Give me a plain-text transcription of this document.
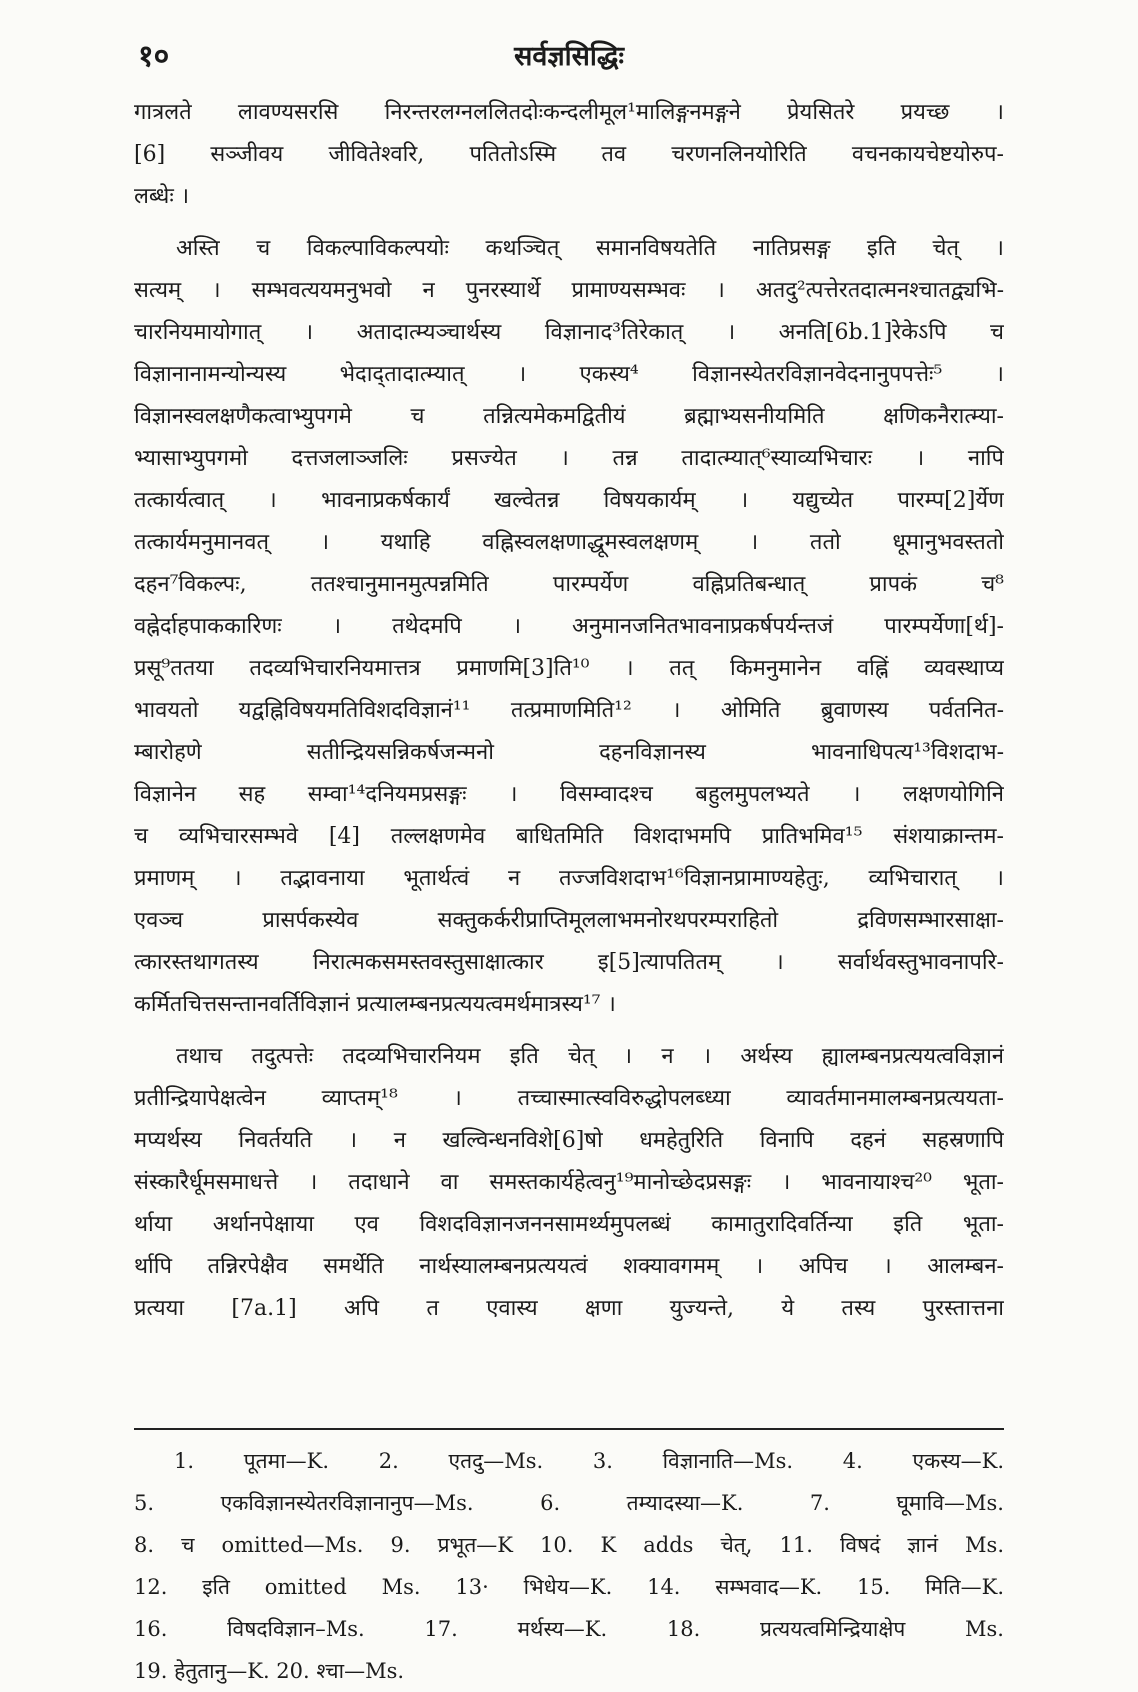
१०	सर्वज्ञसिद्धिः
गात्रलते लावण्यसरसि निरन्तरलग्नललितदोःकन्दलीमूल¹मालिङ्गनमङ्गने प्रेयसितरे प्रयच्छ ।
[6] सञ्जीवय जीवितेश्वरि, पतितोऽस्मि तव चरणनलिनयोरिति वचनकायचेष्टयोरुप-
लब्धेः ।
अस्ति च विकल्पाविकल्पयोः कथञ्चित् समानविषयतेति नातिप्रसङ्ग इति चेत् ।
सत्यम् । सम्भवत्ययमनुभवो न पुनरस्यार्थे प्रामाण्यसम्भवः । अतदु²त्पत्तेरतदात्मनश्चातद्व्यभि-
चारनियमायोगात् । अतादात्म्यञ्चार्थस्य विज्ञानाद³तिरेकात् । अनति[6b.1]रेकेऽपि च
विज्ञानानामन्योन्यस्य भेदाद्तादात्म्यात् । एकस्य⁴ विज्ञानस्येतरविज्ञानवेदनानुपपत्तेः⁵ ।
विज्ञानस्वलक्षणैकत्वाभ्युपगमे च तन्नित्यमेकमद्वितीयं ब्रह्माभ्यसनीयमिति क्षणिकनैरात्म्या-
भ्यासाभ्युपगमो दत्तजलाञ्जलिः प्रसज्येत । तन्न तादात्म्यात्⁶स्याव्यभिचारः । नापि
तत्कार्यत्वात् । भावनाप्रकर्षकार्यं खल्वेतन्न विषयकार्यम् । यद्युच्येत पारम्प[2]र्येण
तत्कार्यमनुमानवत् । यथाहि वह्निस्वलक्षणाद्धूमस्वलक्षणम् । ततो धूमानुभवस्ततो
दहन⁷विकल्पः, ततश्चानुमानमुत्पन्नमिति पारम्पर्येण वह्निप्रतिबन्धात् प्रापकं च⁸
वह्नेर्दाहपाककारिणः । तथेदमपि । अनुमानजनितभावनाप्रकर्षपर्यन्तजं पारम्पर्येणा[र्थ]-
प्रसू⁹ततया तदव्यभिचारनियमात्तत्र प्रमाणमि[3]ति¹⁰ । तत् किमनुमानेन वह्निं व्यवस्थाप्य
भावयतो यद्वह्निविषयमतिविशदविज्ञानं¹¹ तत्प्रमाणमिति¹² । ओमिति ब्रुवाणस्य पर्वतनित-
म्बारोहणे सतीन्द्रियसन्निकर्षजन्मनो दहनविज्ञानस्य भावनाधिपत्य¹³विशदाभ-
विज्ञानेन सह सम्वा¹⁴दनियमप्रसङ्गः । विसम्वादश्च बहुलमुपलभ्यते । लक्षणयोगिनि
च व्यभिचारसम्भवे [4] तल्लक्षणमेव बाधितमिति विशदाभमपि प्रातिभमिव¹⁵ संशयाक्रान्तम-
प्रमाणम् । तद्भावनाया भूतार्थत्वं न तज्जविशदाभ¹⁶विज्ञानप्रामाण्यहेतुः, व्यभिचारात् ।
एवञ्च प्रासर्पकस्येव सक्तुकर्करीप्राप्तिमूललाभमनोरथपरम्पराहितो द्रविणसम्भारसाक्षा-
त्कारस्तथागतस्य निरात्मकसमस्तवस्तुसाक्षात्कार इ[5]त्यापतितम् । सर्वार्थवस्तुभावनापरि-
कर्मितचित्तसन्तानवर्तिविज्ञानं प्रत्यालम्बनप्रत्ययत्वमर्थमात्रस्य¹⁷ ।
तथाच तदुत्पत्तेः तदव्यभिचारनियम इति चेत् । न । अर्थस्य ह्यालम्बनप्रत्ययत्वविज्ञानं
प्रतीन्द्रियापेक्षत्वेन व्याप्तम्¹⁸ । तच्चास्मात्स्वविरुद्धोपलब्ध्या व्यावर्तमानमालम्बनप्रत्ययता-
मप्यर्थस्य निवर्तयति । न खल्विन्धनविशे[6]षो धमहेतुरिति विनापि दहनं सहस्रणापि
संस्कारैर्धूमसमाधत्ते । तदाधाने वा समस्तकार्यहेत्वनु¹⁹मानोच्छेदप्रसङ्गः । भावनायाश्च²⁰ भूता-
र्थाया अर्थानपेक्षाया एव विशदविज्ञानजननसामर्थ्यमुपलब्धं कामातुरादिवर्तिन्या इति भूता-
र्थापि तन्निरपेक्षैव समर्थेति नार्थस्यालम्बनप्रत्ययत्वं शक्यावगमम् । अपिच । आलम्बन-
प्रत्यया [7a.1] अपि त एवास्य क्षणा युज्यन्ते, ये तस्य पुरस्तात्तना
1. पूतमा—K. 2. एतदु—Ms. 3. विज्ञानाति—Ms. 4. एकस्य—K.
5. एकविज्ञानस्येतरविज्ञानानुप—Ms. 6. तम्यादस्या—K. 7. घूमावि—Ms.
8. च omitted—Ms. 9. प्रभूत—K 10. K adds चेत्, 11. विषदं ज्ञानं Ms.
12. इति omitted Ms. 13· भिधेय—K. 14. सम्भवाद—K. 15. मिति—K.
16. विषदविज्ञान–Ms. 17. मर्थस्य—K. 18. प्रत्ययत्वमिन्द्रियाक्षेप Ms.
19. हेतुतानु—K. 20. श्चा—Ms.
